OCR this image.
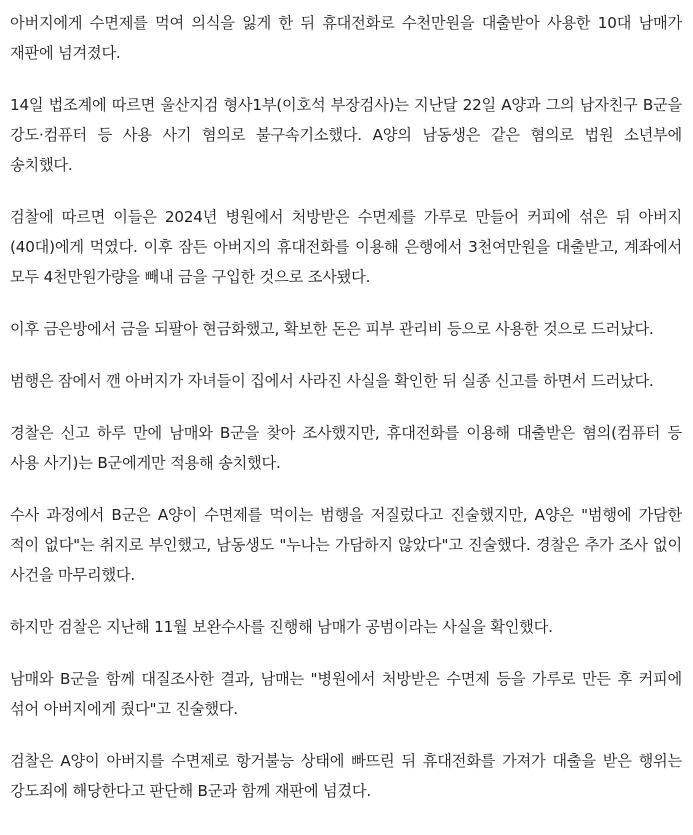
아버지에게 수면제를 먹여 의식을 잃게 한 뒤 휴대전화로 수천만원을 대출받아 사용한 10대 남매가 재판에 넘겨졌다.

14일 법조계에 따르면 울산지검 형사1부(이호석 부장검사)는 지난달 22일 A양과 그의 남자친구 B군을 강도·컴퓨터 등 사용 사기 혐의로 불구속기소했다. A양의 남동생은 같은 혐의로 법원 소년부에 송치했다.

검찰에 따르면 이들은 2024년 병원에서 처방받은 수면제를 가루로 만들어 커피에 섞은 뒤 아버지(40대)에게 먹였다. 이후 잠든 아버지의 휴대전화를 이용해 은행에서 3천여만원을 대출받고, 계좌에서 모두 4천만원가량을 빼내 금을 구입한 것으로 조사됐다.

이후 금은방에서 금을 되팔아 현금화했고, 확보한 돈은 피부 관리비 등으로 사용한 것으로 드러났다.

범행은 잠에서 깬 아버지가 자녀들이 집에서 사라진 사실을 확인한 뒤 실종 신고를 하면서 드러났다.

경찰은 신고 하루 만에 남매와 B군을 찾아 조사했지만, 휴대전화를 이용해 대출받은 혐의(컴퓨터 등 사용 사기)는 B군에게만 적용해 송치했다.

수사 과정에서 B군은 A양이 수면제를 먹이는 범행을 저질렀다고 진술했지만, A양은 "범행에 가담한 적이 없다"는 취지로 부인했고, 남동생도 "누나는 가담하지 않았다"고 진술했다. 경찰은 추가 조사 없이 사건을 마무리했다.

하지만 검찰은 지난해 11월 보완수사를 진행해 남매가 공범이라는 사실을 확인했다.

남매와 B군을 함께 대질조사한 결과, 남매는 "병원에서 처방받은 수면제 등을 가루로 만든 후 커피에 섞어 아버지에게 줬다"고 진술했다.

검찰은 A양이 아버지를 수면제로 항거불능 상태에 빠뜨린 뒤 휴대전화를 가져가 대출을 받은 행위는 강도죄에 해당한다고 판단해 B군과 함께 재판에 넘겼다.
